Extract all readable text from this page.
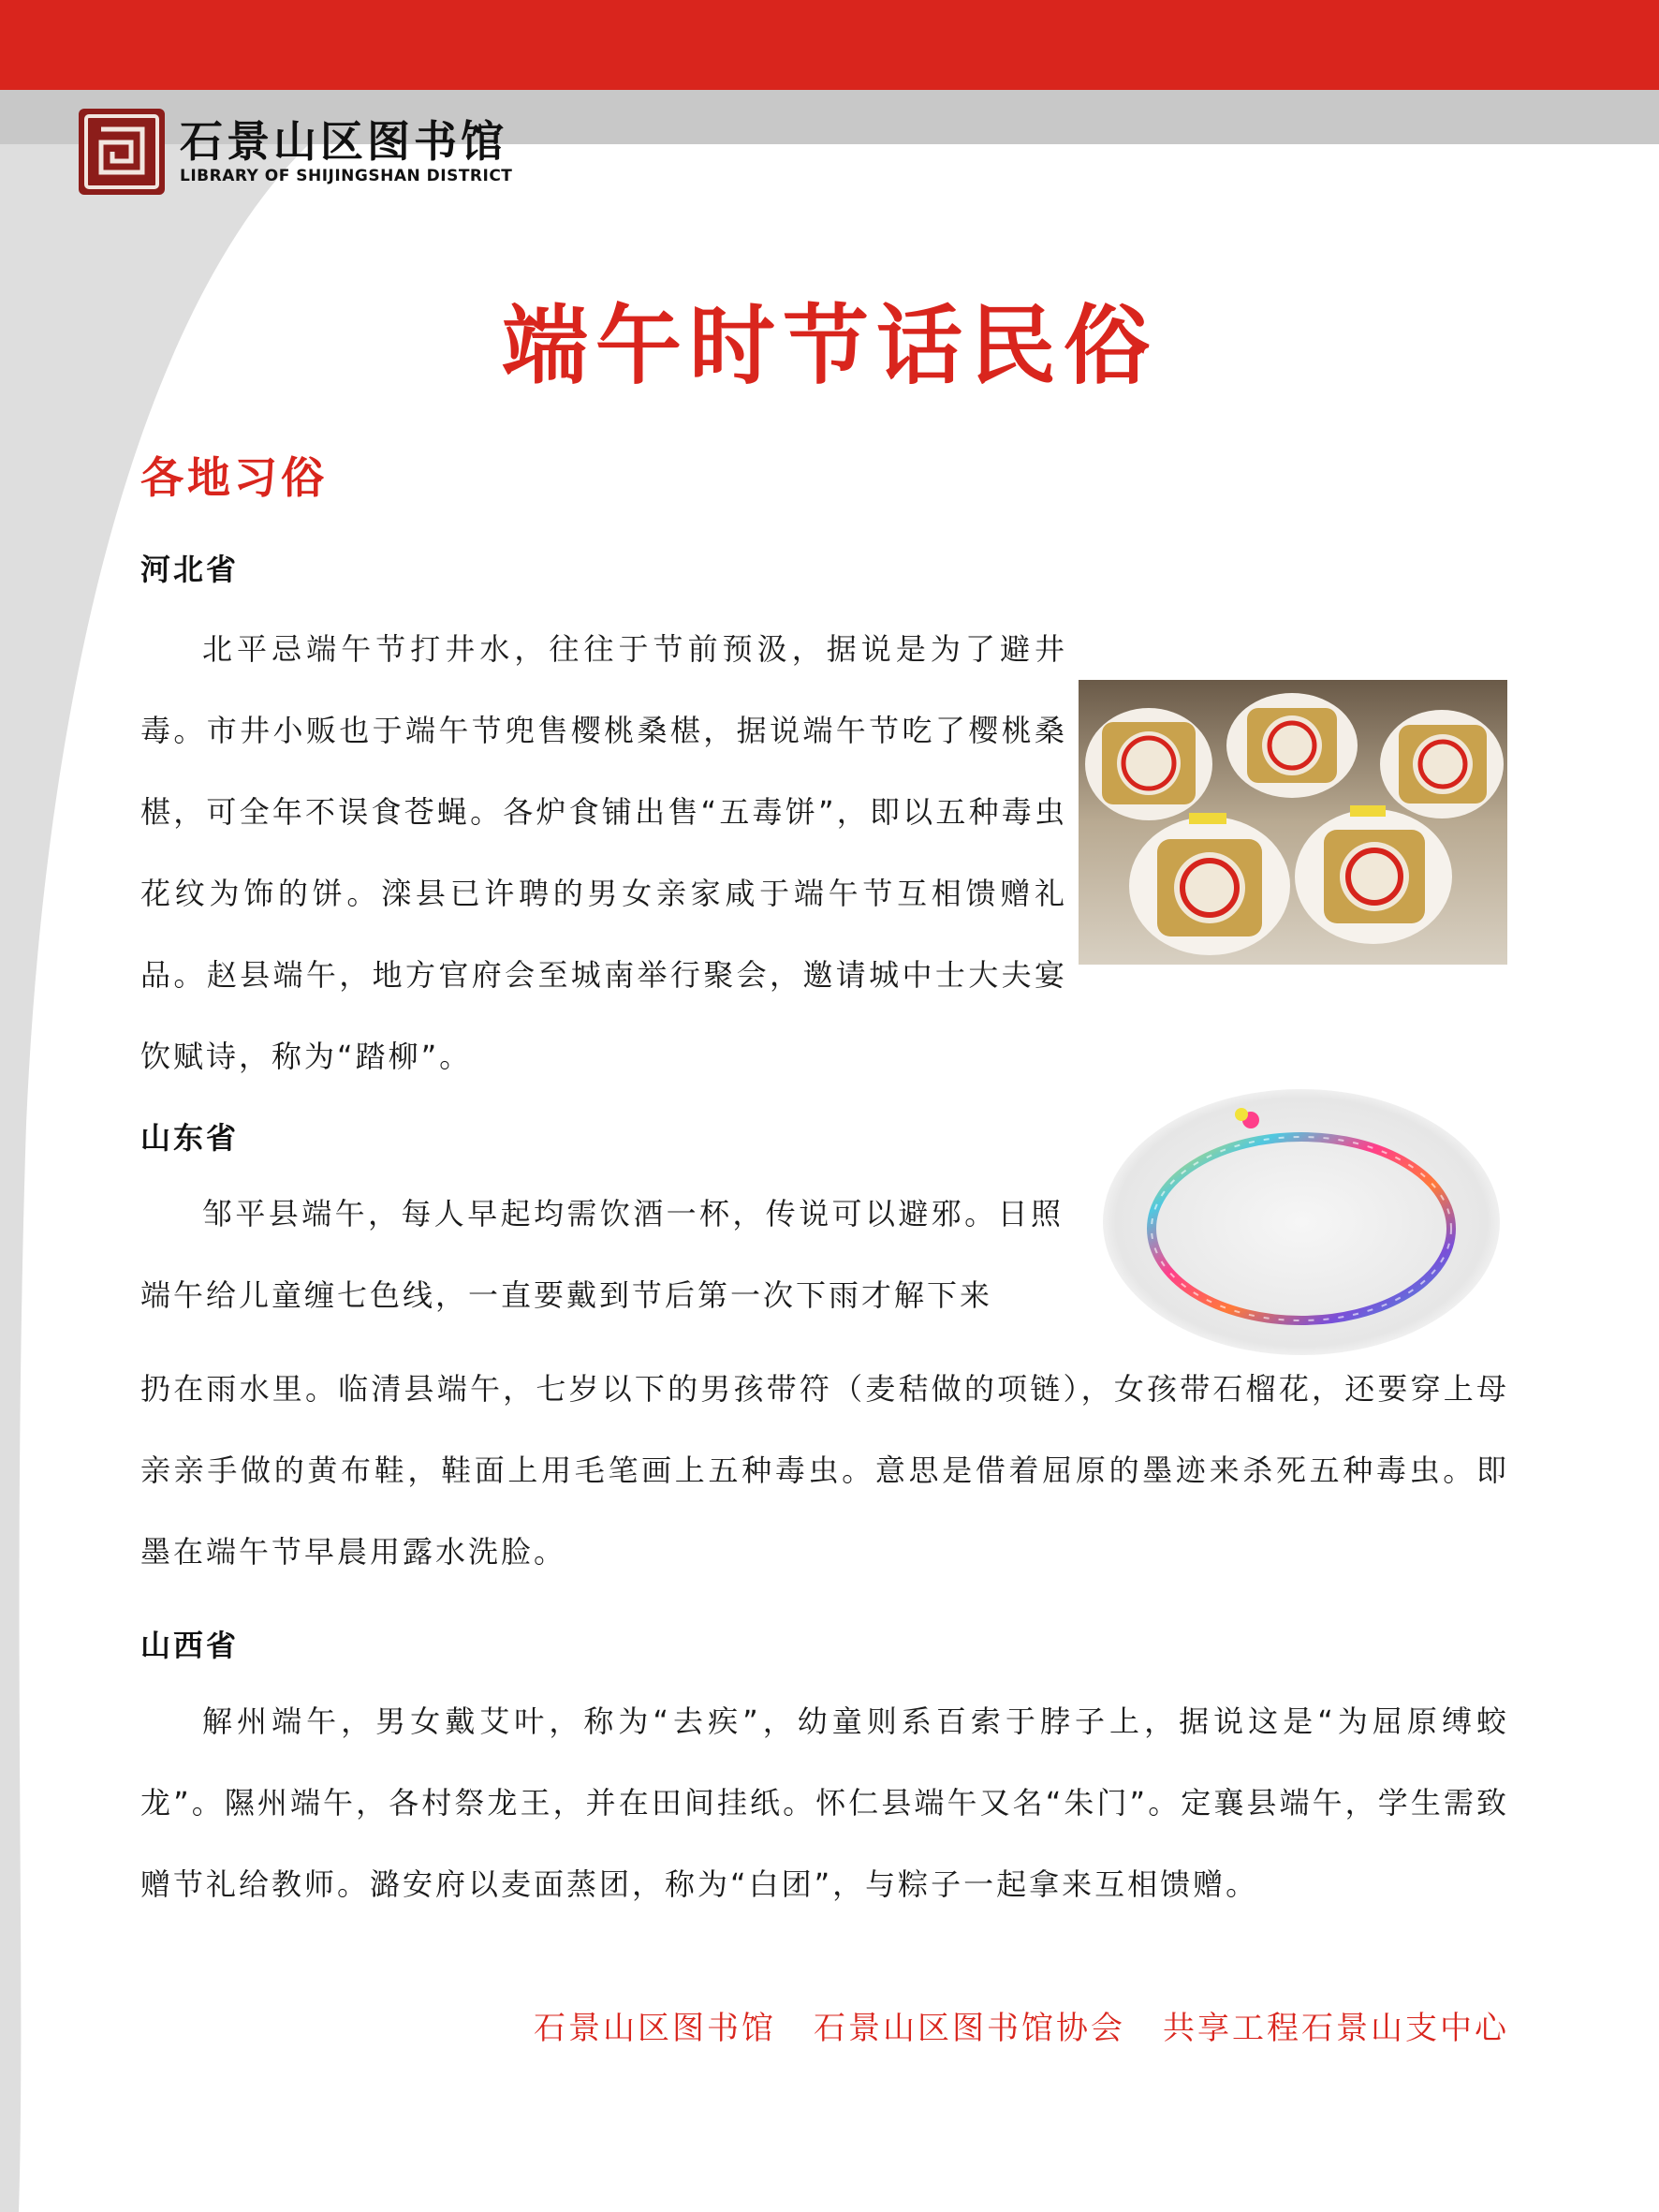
石景山区图书馆
LIBRARY OF SHIJINGSHAN DISTRICT
端午时节话民俗
各地习俗
河北省

北平忌端午节打井水，往往于节前预汲，据说是为了避井毒。市井小贩也于端午节兜售樱桃桑椹，据说端午节吃了樱桃桑椹，可全年不误食苍蝇。各炉食铺出售“五毒饼”，即以五种毒虫花纹为饰的饼。滦县已许聘的男女亲家咸于端午节互相馈赠礼品。赵县端午，地方官府会至城南举行聚会，邀请城中士大夫宴饮赋诗，称为“踏柳”。

山东省

邹平县端午，每人早起均需饮酒一杯，传说可以避邪。日照端午给儿童缠七色线，一直要戴到节后第一次下雨才解下来

扔在雨水里。临清县端午，七岁以下的男孩带符（麦秸做的项链），女孩带石榴花，还要穿上母亲亲手做的黄布鞋，鞋面上用毛笔画上五种毒虫。意思是借着屈原的墨迹来杀死五种毒虫。即墨在端午节早晨用露水洗脸。

山西省

解州端午，男女戴艾叶，称为“去疾”，幼童则系百索于脖子上，据说这是“为屈原缚蛟龙”。隰州端午，各村祭龙王，并在田间挂纸。怀仁县端午又名“朱门”。定襄县端午，学生需致赠节礼给教师。潞安府以麦面蒸团，称为“白团”，与粽子一起拿来互相馈赠。

石景山区图书馆 石景山区图书馆协会 共享工程石景山支中心
